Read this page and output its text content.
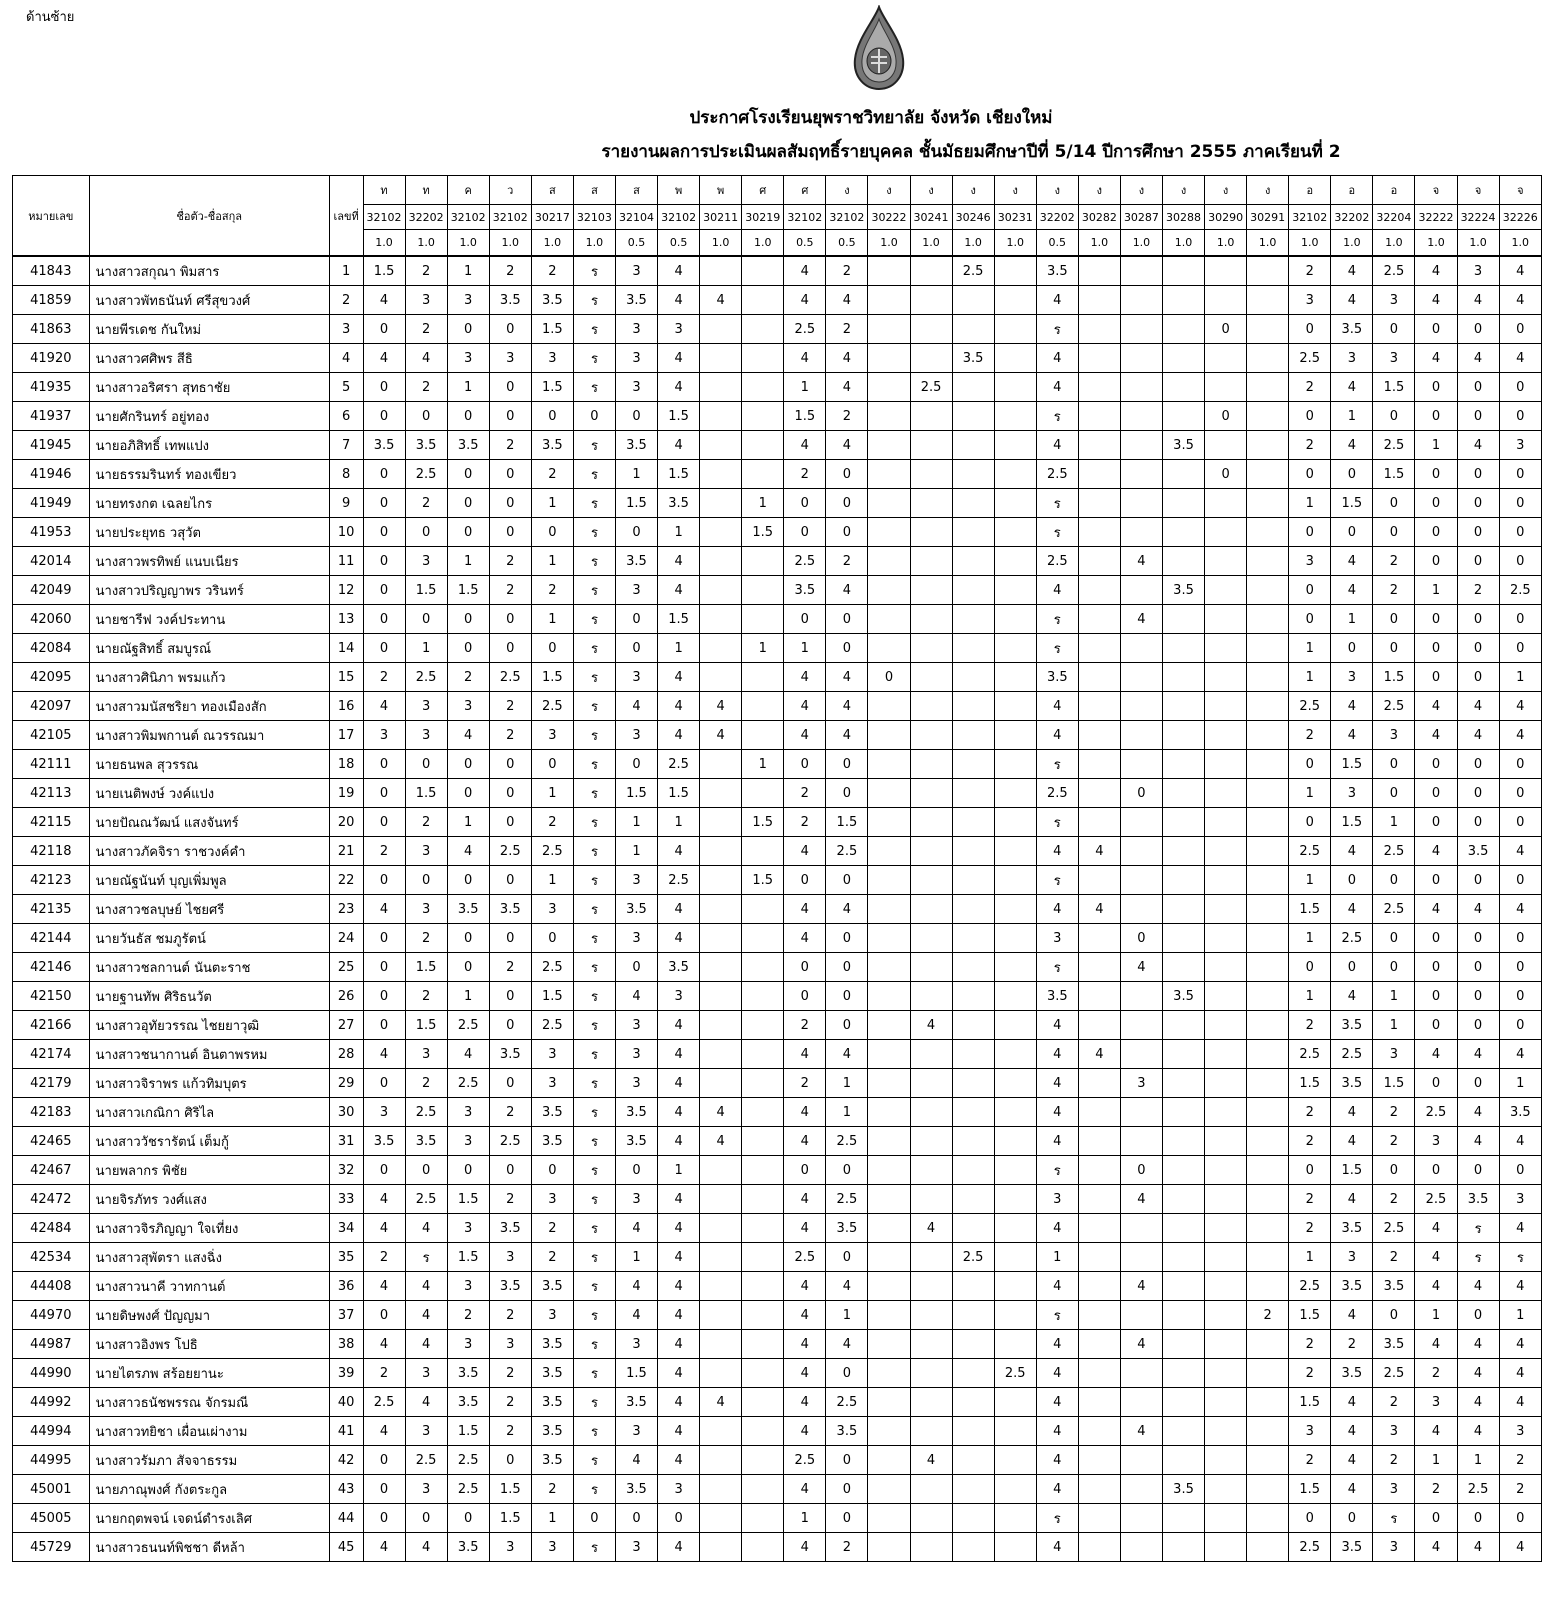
ด้านซ้าย
ประกาศโรงเรียนยุพราชวิทยาลัย จังหวัด เชียงใหม่
รายงานผลการประเมินผลสัมฤทธิ์รายบุคคล ชั้นมัธยมศึกษาปีที่ 5/14 ปีการศึกษา 2555 ภาคเรียนที่ 2
หมายเลข	ชื่อตัว-ชื่อสกุล	เลขที่	ท	ท	ค	ว	ส	ส	ส	พ	พ	ศ	ศ	ง	ง	ง	ง	ง	ง	ง	ง	ง	ง	ง	อ	อ	อ	จ	จ	จ
			32102	32202	32102	32102	30217	32103	32104	32102	30211	30219	32102	32102	30222	30241	30246	30231	32202	30282	30287	30288	30290	30291	32102	32202	32204	32222	32224	32226
			1.0	1.0	1.0	1.0	1.0	1.0	0.5	0.5	1.0	1.0	0.5	0.5	1.0	1.0	1.0	1.0	0.5	1.0	1.0	1.0	1.0	1.0	1.0	1.0	1.0	1.0	1.0	1.0
41843	นางสาวสกุณา พิมสาร	1	1.5	2	1	2	2	ร	3	4			4	2			2.5		3.5						2	4	2.5	4	3	4
41859	นางสาวพัทธนันท์ ศรีสุขวงศ์	2	4	3	3	3.5	3.5	ร	3.5	4	4		4	4					4						3	4	3	4	4	4
41863	นายพีรเดช กันใหม่	3	0	2	0	0	1.5	ร	3	3			2.5	2					ร				0		0	3.5	0	0	0	0
41920	นางสาวศศิพร สีธิ	4	4	4	3	3	3	ร	3	4			4	4			3.5		4						2.5	3	3	4	4	4
41935	นางสาวอริศรา สุทธาชัย	5	0	2	1	0	1.5	ร	3	4			1	4		2.5			4						2	4	1.5	0	0	0
41937	นายศักรินทร์ อยู่ทอง	6	0	0	0	0	0	0	0	1.5			1.5	2					ร				0		0	1	0	0	0	0
41945	นายอภิสิทธิ์ เทพแปง	7	3.5	3.5	3.5	2	3.5	ร	3.5	4			4	4					4			3.5			2	4	2.5	1	4	3
41946	นายธรรมรินทร์ ทองเขียว	8	0	2.5	0	0	2	ร	1	1.5			2	0					2.5				0		0	0	1.5	0	0	0
41949	นายทรงกต เฉลยไกร	9	0	2	0	0	1	ร	1.5	3.5		1	0	0					ร						1	1.5	0	0	0	0
41953	นายประยุทธ วสุวัต	10	0	0	0	0	0	ร	0	1		1.5	0	0					ร						0	0	0	0	0	0
42014	นางสาวพรทิพย์ แนบเนียร	11	0	3	1	2	1	ร	3.5	4			2.5	2					2.5		4				3	4	2	0	0	0
42049	นางสาวปริญญาพร วรินทร์	12	0	1.5	1.5	2	2	ร	3	4			3.5	4					4			3.5			0	4	2	1	2	2.5
42060	นายชารีฟ วงค์ประทาน	13	0	0	0	0	1	ร	0	1.5			0	0					ร		4				0	1	0	0	0	0
42084	นายณัฐสิทธิ์ สมบูรณ์	14	0	1	0	0	0	ร	0	1		1	1	0					ร						1	0	0	0	0	0
42095	นางสาวศินิภา พรมแก้ว	15	2	2.5	2	2.5	1.5	ร	3	4			4	4	0				3.5						1	3	1.5	0	0	1
42097	นางสาวมนัสชริยา ทองเมืองสัก	16	4	3	3	2	2.5	ร	4	4	4		4	4					4						2.5	4	2.5	4	4	4
42105	นางสาวพิมพกานต์ ณวรรณมา	17	3	3	4	2	3	ร	3	4	4		4	4					4						2	4	3	4	4	4
42111	นายธนพล สุวรรณ	18	0	0	0	0	0	ร	0	2.5		1	0	0					ร						0	1.5	0	0	0	0
42113	นายเนติพงษ์ วงค์แปง	19	0	1.5	0	0	1	ร	1.5	1.5			2	0					2.5		0				1	3	0	0	0	0
42115	นายปัณณวัฒน์ แสงจันทร์	20	0	2	1	0	2	ร	1	1		1.5	2	1.5					ร						0	1.5	1	0	0	0
42118	นางสาวภัคจิรา ราชวงค์คำ	21	2	3	4	2.5	2.5	ร	1	4			4	2.5					4	4					2.5	4	2.5	4	3.5	4
42123	นายณัฐนันท์ บุญเพิ่มพูล	22	0	0	0	0	1	ร	3	2.5		1.5	0	0					ร						1	0	0	0	0	0
42135	นางสาวชลบุษย์ ไชยศรี	23	4	3	3.5	3.5	3	ร	3.5	4			4	4					4	4					1.5	4	2.5	4	4	4
42144	นายวันธัส ชมภูรัตน์	24	0	2	0	0	0	ร	3	4			4	0					3		0				1	2.5	0	0	0	0
42146	นางสาวชลกานต์ นันตะราช	25	0	1.5	0	2	2.5	ร	0	3.5			0	0					ร		4				0	0	0	0	0	0
42150	นายฐานทัพ ศิริธนวัต	26	0	2	1	0	1.5	ร	4	3			0	0					3.5			3.5			1	4	1	0	0	0
42166	นางสาวอุทัยวรรณ ไชยยาวุฒิ	27	0	1.5	2.5	0	2.5	ร	3	4			2	0		4			4						2	3.5	1	0	0	0
42174	นางสาวชนากานต์ อินตาพรหม	28	4	3	4	3.5	3	ร	3	4			4	4					4	4					2.5	2.5	3	4	4	4
42179	นางสาวจิราพร แก้วทิมบุตร	29	0	2	2.5	0	3	ร	3	4			2	1					4		3				1.5	3.5	1.5	0	0	1
42183	นางสาวเกณิกา ศิริไล	30	3	2.5	3	2	3.5	ร	3.5	4	4		4	1					4						2	4	2	2.5	4	3.5
42465	นางสาววัชรารัตน์ เต็มกู้	31	3.5	3.5	3	2.5	3.5	ร	3.5	4	4		4	2.5					4						2	4	2	3	4	4
42467	นายพลากร พิชัย	32	0	0	0	0	0	ร	0	1			0	0					ร		0				0	1.5	0	0	0	0
42472	นายจิรภัทร วงศ์แสง	33	4	2.5	1.5	2	3	ร	3	4			4	2.5					3		4				2	4	2	2.5	3.5	3
42484	นางสาวจิรภิญญา ใจเที่ยง	34	4	4	3	3.5	2	ร	4	4			4	3.5		4			4						2	3.5	2.5	4	ร	4
42534	นางสาวสุพัตรา แสงฉิ่ง	35	2	ร	1.5	3	2	ร	1	4			2.5	0			2.5		1						1	3	2	4	ร	ร
44408	นางสาวนาคี วาทกานต์	36	4	4	3	3.5	3.5	ร	4	4			4	4					4		4				2.5	3.5	3.5	4	4	4
44970	นายดิษพงศ์ ปัญญมา	37	0	4	2	2	3	ร	4	4			4	1					ร					2	1.5	4	0	1	0	1
44987	นางสาวอิงพร โปธิ	38	4	4	3	3	3.5	ร	3	4			4	4					4		4				2	2	3.5	4	4	4
44990	นายไตรภพ สร้อยยานะ	39	2	3	3.5	2	3.5	ร	1.5	4			4	0				2.5	4						2	3.5	2.5	2	4	4
44992	นางสาวธนัชพรรณ จักรมณี	40	2.5	4	3.5	2	3.5	ร	3.5	4	4		4	2.5					4						1.5	4	2	3	4	4
44994	นางสาวทยิชา เผื่อนเผ่างาม	41	4	3	1.5	2	3.5	ร	3	4			4	3.5					4		4				3	4	3	4	4	3
44995	นางสาวรัมภา สัจจาธรรม	42	0	2.5	2.5	0	3.5	ร	4	4			2.5	0		4			4						2	4	2	1	1	2
45001	นายภาณุพงศ์ กังตระกูล	43	0	3	2.5	1.5	2	ร	3.5	3			4	0					4			3.5			1.5	4	3	2	2.5	2
45005	นายกฤตพจน์ เจดน์ดำรงเลิศ	44	0	0	0	1.5	1	0	0	0			1	0					ร						0	0	ร	0	0	0
45729	นางสาวธนนท์พิชชา ดีหล้า	45	4	4	3.5	3	3	ร	3	4			4	2					4						2.5	3.5	3	4	4	4
